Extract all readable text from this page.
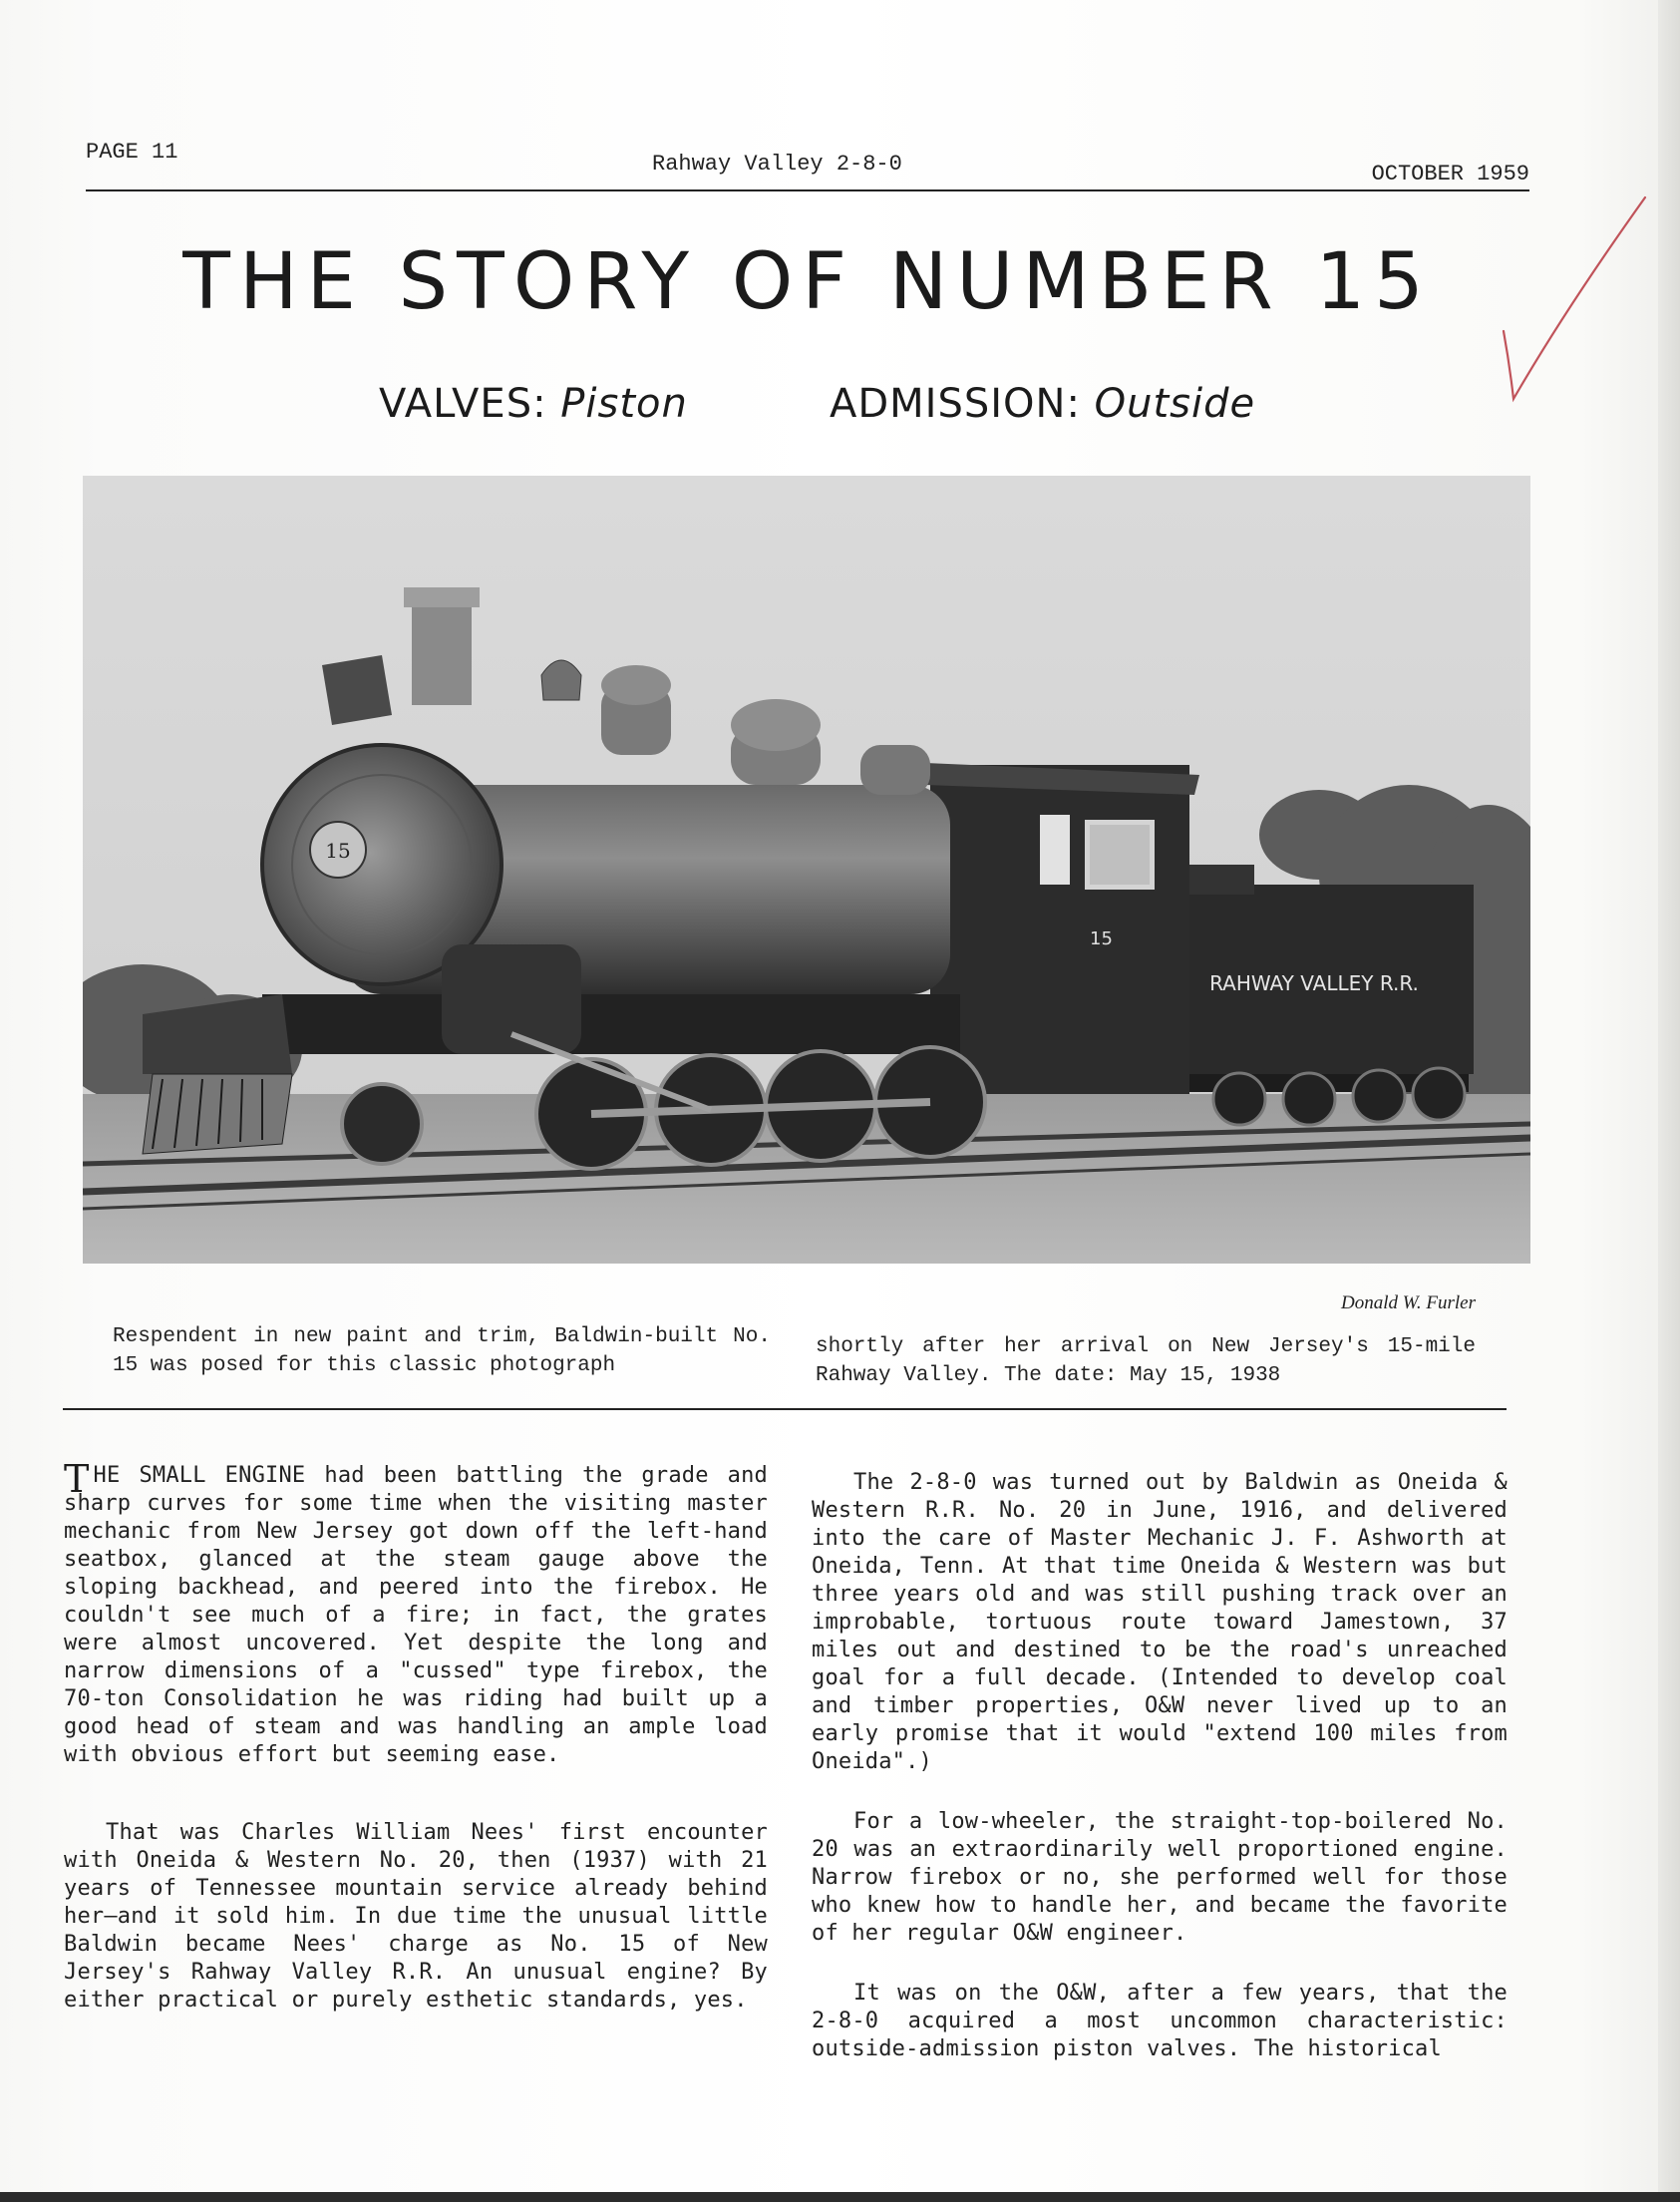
PAGE 11	Rahway Valley 2-8-0	OCTOBER 1959
THE STORY OF NUMBER 15
VALVES: Piston	ADMISSION: Outside
RAHWAY VALLEY R.R.
15
15
Donald W. Furler
Respendent in new paint and trim, Baldwin-built No. 15 was posed for this classic photograph
shortly after her arrival on New Jersey's 15-mile Rahway Valley. The date: May 15, 1938

THE SMALL ENGINE had been battling the grade and sharp curves for some time when the visiting master mechanic from New Jersey got down off the left-hand seatbox, glanced at the steam gauge above the sloping backhead, and peered into the firebox. He couldn't see much of a fire; in fact, the grates were almost uncovered. Yet despite the long and narrow dimensions of a "cussed" type firebox, the 70-ton Consolidation he was riding had built up a good head of steam and was handling an ample load with obvious effort but seeming ease.

That was Charles William Nees' first encounter with Oneida & Western No. 20, then (1937) with 21 years of Tennessee mountain service already behind her—and it sold him. In due time the unusual little Baldwin became Nees' charge as No. 15 of New Jersey's Rahway Valley R.R. An unusual engine? By either practical or purely esthetic standards, yes.

The 2-8-0 was turned out by Baldwin as Oneida & Western R.R. No. 20 in June, 1916, and delivered into the care of Master Mechanic J. F. Ashworth at Oneida, Tenn. At that time Oneida & Western was but three years old and was still pushing track over an improbable, tortuous route toward Jamestown, 37 miles out and destined to be the road's unreached goal for a full decade. (Intended to develop coal and timber properties, O&W never lived up to an early promise that it would "extend 100 miles from Oneida".)

For a low-wheeler, the straight-top-boilered No. 20 was an extraordinarily well proportioned engine. Narrow firebox or no, she performed well for those who knew how to handle her, and became the favorite of her regular O&W engineer.

It was on the O&W, after a few years, that the 2-8-0 acquired a most uncommon characteristic: outside-admission piston valves. The historical
